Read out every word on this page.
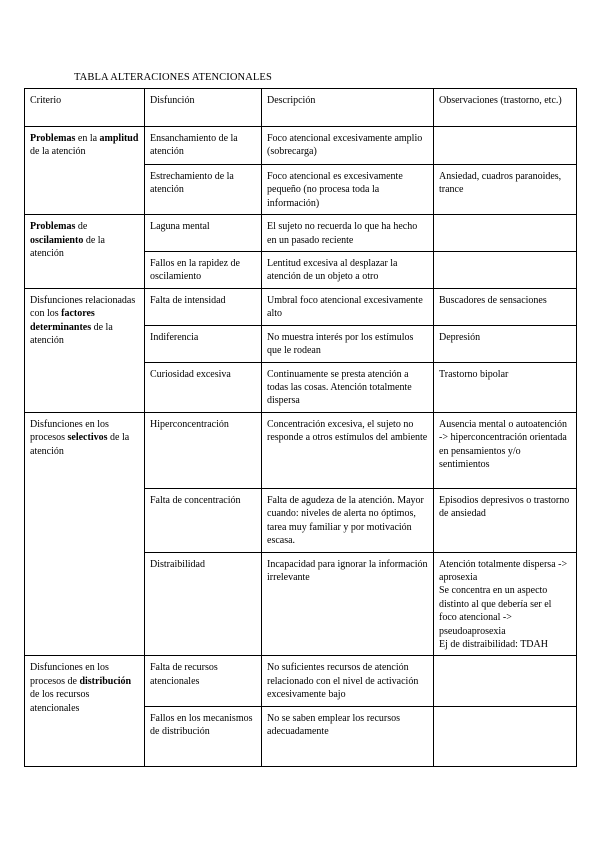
TABLA ALTERACIONES ATENCIONALES
Criterio	Disfunción	Descripción	Observaciones (trastorno, etc.)
Problemas en la amplitud de la atención	Ensanchamiento de la atención	Foco atencional excesivamente amplio (sobrecarga)	
	Estrechamiento de la atención	Foco atencional es excesivamente pequeño (no procesa toda la información)	Ansiedad, cuadros paranoides, trance
Problemas de oscilamiento de la atención	Laguna mental	El sujeto no recuerda lo que ha hecho en un pasado reciente	
	Fallos en la rapidez de oscilamiento	Lentitud excesiva al desplazar la atención de un objeto a otro	
Disfunciones relacionadas con los factores determinantes de la atención	Falta de intensidad	Umbral foco atencional excesivamente alto	Buscadores de sensaciones
	Indiferencia	No muestra interés por los estímulos que le rodean	Depresión
	Curiosidad excesiva	Continuamente se presta atención a todas las cosas. Atención totalmente dispersa	Trastorno bipolar
Disfunciones en los procesos selectivos de la atención	Hiperconcentración	Concentración excesiva, el sujeto no responde a otros estímulos del ambiente	Ausencia mental o autoatención -> hiperconcentración orientada en pensamientos y/o sentimientos
	Falta de concentración	Falta de agudeza de la atención. Mayor cuando: niveles de alerta no óptimos, tarea muy familiar y por motivación escasa.	Episodios depresivos o trastorno de ansiedad
	Distraibilidad	Incapacidad para ignorar la información irrelevante	Atención totalmente dispersa -> aprosexia
Se concentra en un aspecto distinto al que debería ser el foco atencional -> pseudoaprosexia
Ej de distraibilidad: TDAH

Disfunciones en los procesos de distribución de los recursos atencionales	Falta de recursos atencionales	No suficientes recursos de atención relacionado con el nivel de activación excesivamente bajo	
	Fallos en los mecanismos de distribución	No se saben emplear los recursos adecuadamente	
